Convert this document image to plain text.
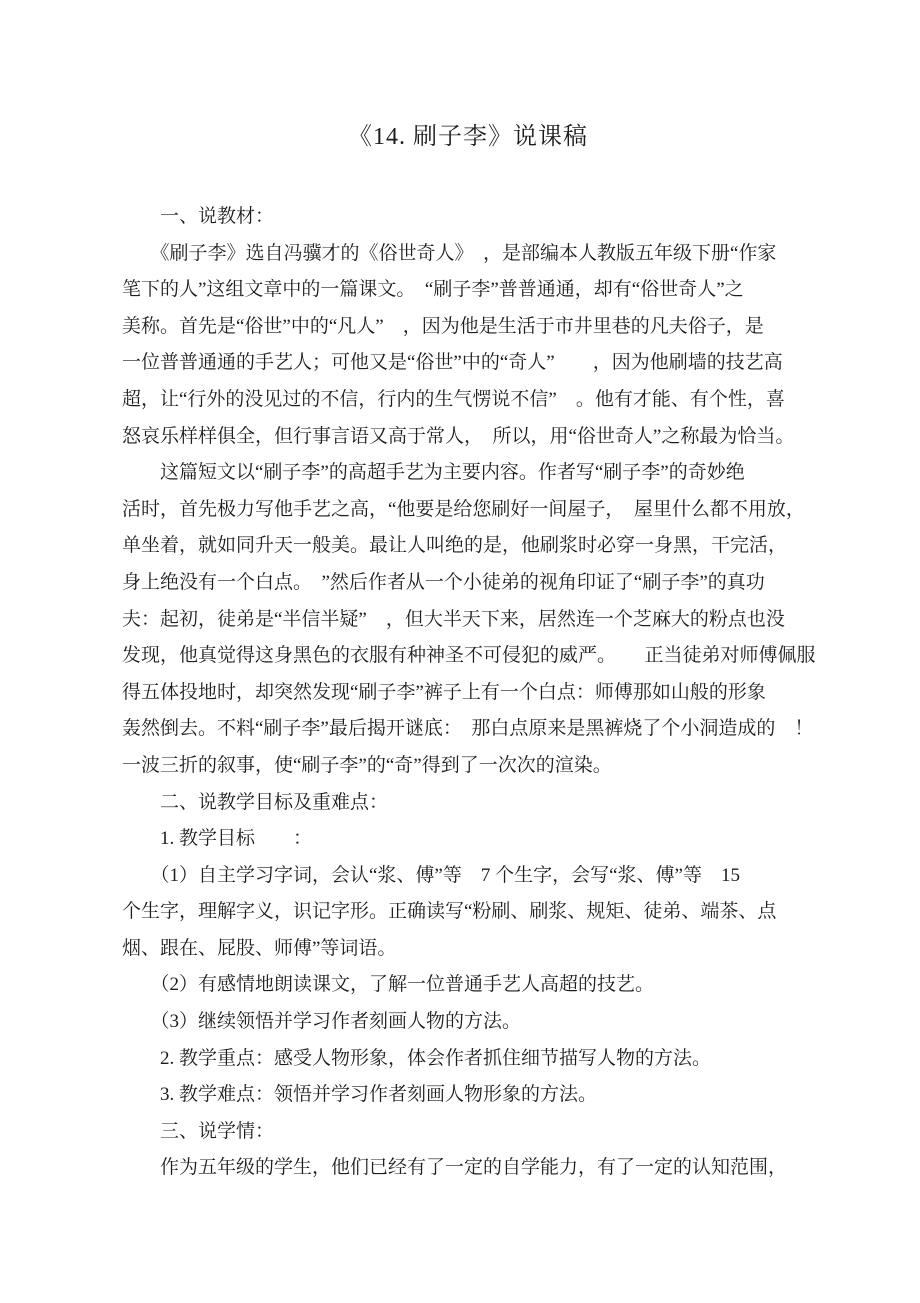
《14. 刷子李》说课稿
　　一、说教材：
　　《刷子李》选自冯骥才的《俗世奇人》　，是部编本人教版五年级下册“作家
笔下的人”这组文章中的一篇课文。　“刷子李”普普通通，却有“俗世奇人”之
美称。首先是“俗世”中的“凡人”　，因为他是生活于市井里巷的凡夫俗子，是
一位普普通通的手艺人；可他又是“俗世”中的“奇人”　　，因为他刷墙的技艺高
超，让“行外的没见过的不信，行内的生气愣说不信”　。他有才能、有个性，喜
怒哀乐样样俱全，但行事言语又高于常人，　所以，用“俗世奇人”之称最为恰当。
　　这篇短文以“刷子李”的高超手艺为主要内容。作者写“刷子李”的奇妙绝
活时，首先极力写他手艺之高，“他要是给您刷好一间屋子，　屋里什么都不用放，
单坐着，就如同升天一般美。最让人叫绝的是，他刷浆时必穿一身黑，干完活，
身上绝没有一个白点。　”然后作者从一个小徒弟的视角印证了“刷子李”的真功
夫：起初，徒弟是“半信半疑”　，但大半天下来，居然连一个芝麻大的粉点也没
发现，他真觉得这身黑色的衣服有种神圣不可侵犯的威严。　　正当徒弟对师傅佩服
得五体投地时，却突然发现“刷子李”裤子上有一个白点：师傅那如山般的形象
轰然倒去。不料“刷子李”最后揭开谜底：　那白点原来是黑裤烧了个小洞造成的　！
一波三折的叙事，使“刷子李”的“奇”得到了一次次的渲染。
　　二、说教学目标及重难点：
　　1. 教学目标　　：
　　（1）自主学习字词，会认“浆、傅”等　7 个生字，会写“浆、傅”等　15
个生字，理解字义，识记字形。正确读写“粉刷、刷浆、规矩、徒弟、端茶、点
烟、跟在、屁股、师傅”等词语。
　　（2）有感情地朗读课文，了解一位普通手艺人高超的技艺。
　　（3）继续领悟并学习作者刻画人物的方法。
　　2. 教学重点：感受人物形象，体会作者抓住细节描写人物的方法。
　　3. 教学难点：领悟并学习作者刻画人物形象的方法。
　　三、说学情：
　　作为五年级的学生，他们已经有了一定的自学能力，有了一定的认知范围，
